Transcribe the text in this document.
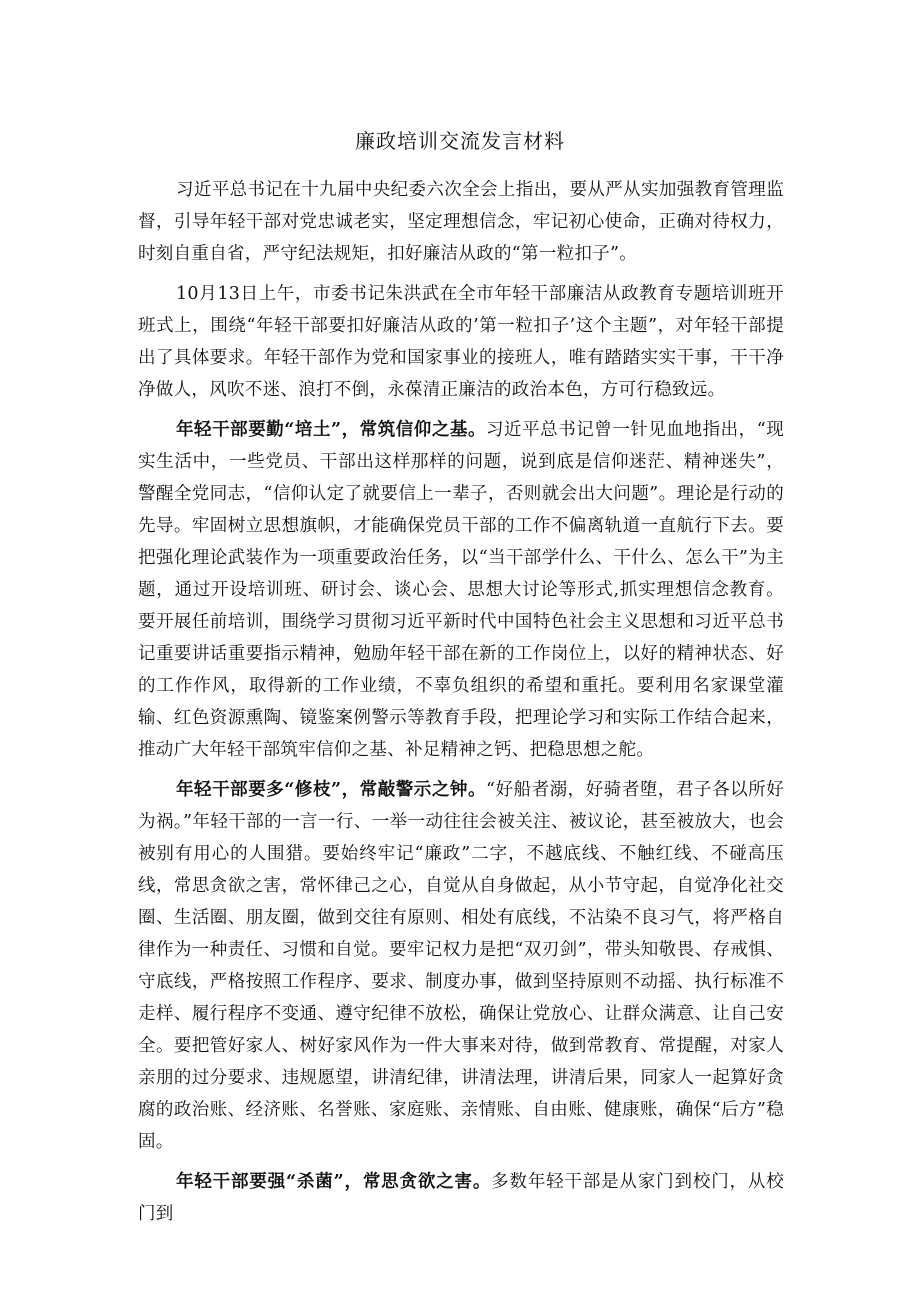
廉政培训交流发言材料

习近平总书记在十九届中央纪委六次全会上指出，要从严从实加强教育管理监督，引导年轻干部对党忠诚老实，坚定理想信念，牢记初心使命，正确对待权力，时刻自重自省，严守纪法规矩，扣好廉洁从政的“第一粒扣子”。

10月13日上午，市委书记朱洪武在全市年轻干部廉洁从政教育专题培训班开班式上，围绕“年轻干部要扣好廉洁从政的’第一粒扣子’这个主题”，对年轻干部提出了具体要求。年轻干部作为党和国家事业的接班人，唯有踏踏实实干事，干干净净做人，风吹不迷、浪打不倒，永葆清正廉洁的政治本色，方可行稳致远。

年轻干部要勤“培土”，常筑信仰之基。习近平总书记曾一针见血地指出，“现实生活中，一些党员、干部出这样那样的问题，说到底是信仰迷茫、精神迷失”，警醒全党同志，“信仰认定了就要信上一辈子，否则就会出大问题”。理论是行动的先导。牢固树立思想旗帜，才能确保党员干部的工作不偏离轨道一直航行下去。要把强化理论武装作为一项重要政治任务，以“当干部学什么、干什么、怎么干”为主题，通过开设培训班、研讨会、谈心会、思想大讨论等形式,抓实理想信念教育。要开展任前培训，围绕学习贯彻习近平新时代中国特色社会主义思想和习近平总书记重要讲话重要指示精神，勉励年轻干部在新的工作岗位上，以好的精神状态、好的工作作风，取得新的工作业绩，不辜负组织的希望和重托。要利用名家课堂灌输、红色资源熏陶、镜鉴案例警示等教育手段，把理论学习和实际工作结合起来，推动广大年轻干部筑牢信仰之基、补足精神之钙、把稳思想之舵。

年轻干部要多“修枝”，常敲警示之钟。“好船者溺，好骑者堕，君子各以所好为祸。”年轻干部的一言一行、一举一动往往会被关注、被议论，甚至被放大，也会被别有用心的人围猎。要始终牢记“廉政”二字，不越底线、不触红线、不碰高压线，常思贪欲之害，常怀律己之心，自觉从自身做起，从小节守起，自觉净化社交圈、生活圈、朋友圈，做到交往有原则、相处有底线，不沾染不良习气，将严格自律作为一种责任、习惯和自觉。要牢记权力是把“双刃剑”，带头知敬畏、存戒惧、守底线，严格按照工作程序、要求、制度办事，做到坚持原则不动摇、执行标准不走样、履行程序不变通、遵守纪律不放松，确保让党放心、让群众满意、让自己安全。要把管好家人、树好家风作为一件大事来对待，做到常教育、常提醒，对家人亲朋的过分要求、违规愿望，讲清纪律，讲清法理，讲清后果，同家人一起算好贪腐的政治账、经济账、名誉账、家庭账、亲情账、自由账、健康账，确保“后方”稳固。

年轻干部要强“杀菌”，常思贪欲之害。多数年轻干部是从家门到校门，从校门到
